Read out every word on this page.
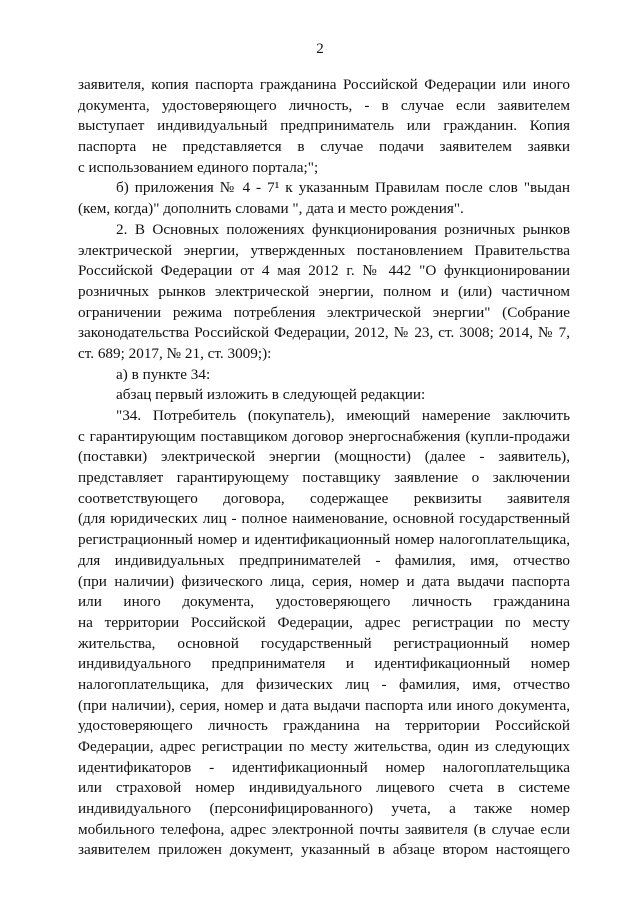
2
заявителя, копия паспорта гражданина Российской Федерации или иного
документа, удостоверяющего личность, - в случае если заявителем
выступает индивидуальный предприниматель или гражданин. Копия
паспорта не представляется в случае подачи заявителем заявки
с использованием единого портала;";
б) приложения № 4 - 7¹ к указанным Правилам после слов "выдан
(кем, когда)" дополнить словами ", дата и место рождения".
2. В Основных положениях функционирования розничных рынков
электрической энергии, утвержденных постановлением Правительства
Российской Федерации от 4 мая 2012 г. № 442 "О функционировании
розничных рынков электрической энергии, полном и (или) частичном
ограничении режима потребления электрической энергии" (Собрание
законодательства Российской Федерации, 2012, № 23, ст. 3008; 2014, № 7,
ст. 689; 2017, № 21, ст. 3009;):
а) в пункте 34:
абзац первый изложить в следующей редакции:
"34. Потребитель (покупатель), имеющий намерение заключить
с гарантирующим поставщиком договор энергоснабжения (купли-продажи
(поставки) электрической энергии (мощности) (далее - заявитель),
представляет гарантирующему поставщику заявление о заключении
соответствующего договора, содержащее реквизиты заявителя
(для юридических лиц - полное наименование, основной государственный
регистрационный номер и идентификационный номер налогоплательщика,
для индивидуальных предпринимателей - фамилия, имя, отчество
(при наличии) физического лица, серия, номер и дата выдачи паспорта
или иного документа, удостоверяющего личность гражданина
на территории Российской Федерации, адрес регистрации по месту
жительства, основной государственный регистрационный номер
индивидуального предпринимателя и идентификационный номер
налогоплательщика, для физических лиц - фамилия, имя, отчество
(при наличии), серия, номер и дата выдачи паспорта или иного документа,
удостоверяющего личность гражданина на территории Российской
Федерации, адрес регистрации по месту жительства, один из следующих
идентификаторов - идентификационный номер налогоплательщика
или страховой номер индивидуального лицевого счета в системе
индивидуального (персонифицированного) учета, а также номер
мобильного телефона, адрес электронной почты заявителя (в случае если
заявителем приложен документ, указанный в абзаце втором настоящего
